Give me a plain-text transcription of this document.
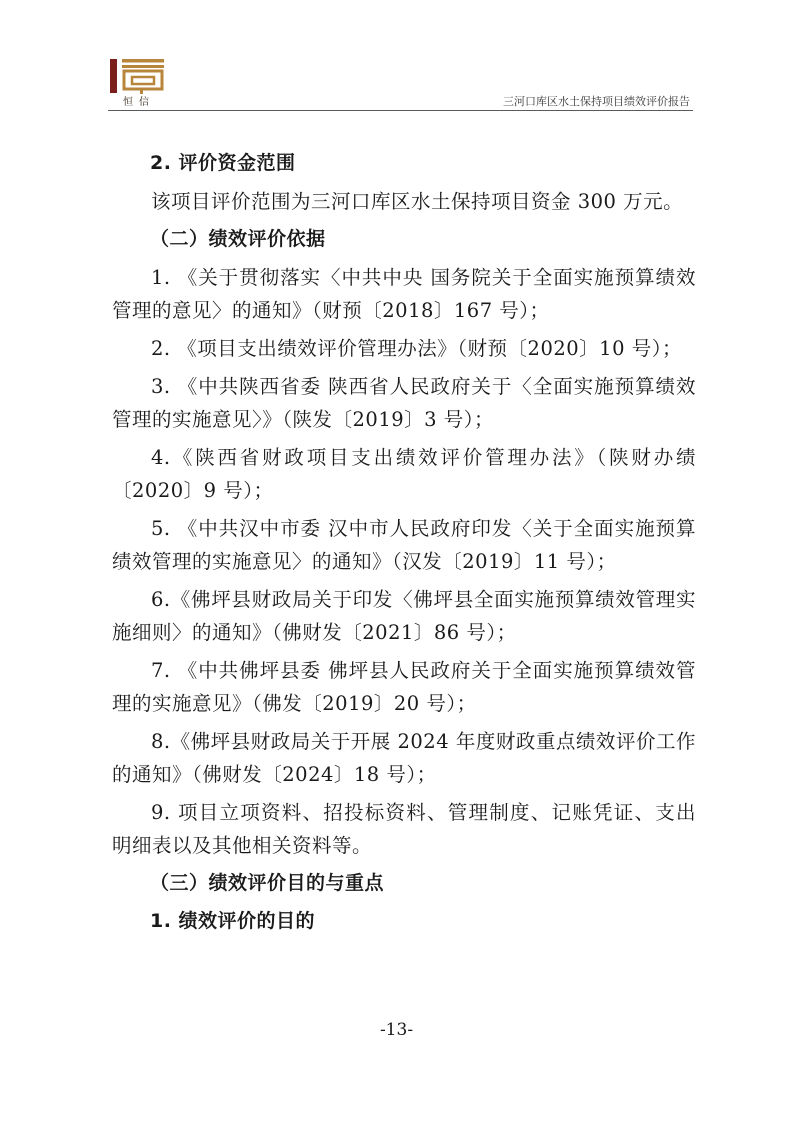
恒信	三河口库区水土保持项目绩效评价报告

2. 评价资金范围

该项目评价范围为三河口库区水土保持项目资金 300 万元。

（二）绩效评价依据

1. 《关于贯彻落实〈中共中央 国务院关于全面实施预算绩效管理的意见〉的通知》（财预〔2018〕167 号）；

2. 《项目支出绩效评价管理办法》（财预〔2020〕10 号）；

3. 《中共陕西省委 陕西省人民政府关于〈全面实施预算绩效管理的实施意见〉》（陕发〔2019〕3 号）；

4.《陕西省财政项目支出绩效评价管理办法》（陕财办绩〔2020〕9 号）；

5. 《中共汉中市委 汉中市人民政府印发〈关于全面实施预算绩效管理的实施意见〉的通知》（汉发〔2019〕11 号）；

6.《佛坪县财政局关于印发〈佛坪县全面实施预算绩效管理实施细则〉的通知》（佛财发〔2021〕86 号）；

7. 《中共佛坪县委 佛坪县人民政府关于全面实施预算绩效管理的实施意见》（佛发〔2019〕20 号）；

8.《佛坪县财政局关于开展 2024 年度财政重点绩效评价工作的通知》（佛财发〔2024〕18 号）；

9. 项目立项资料、招投标资料、管理制度、记账凭证、支出明细表以及其他相关资料等。

（三）绩效评价目的与重点

1. 绩效评价的目的

-13-
